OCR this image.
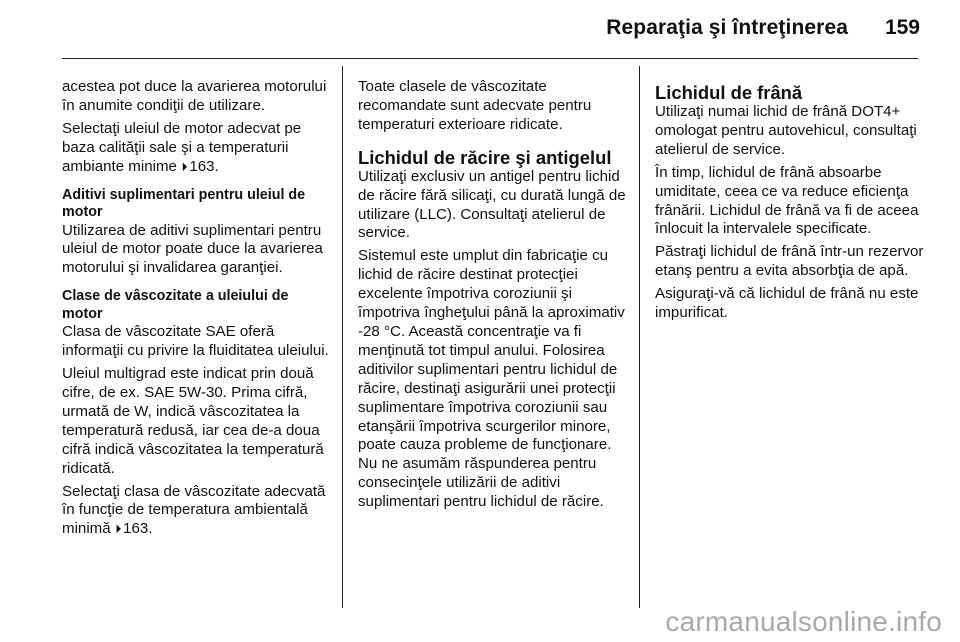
Reparaţia şi întreţinerea 159

acestea pot duce la avarierea motorului în anumite condiţii de utilizare.

Selectaţi uleiul de motor adecvat pe baza calităţii sale şi a temperaturii ambiante minime 🞂 163.

Aditivi suplimentari pentru uleiul de motor

Utilizarea de aditivi suplimentari pentru uleiul de motor poate duce la avarierea motorului şi invalidarea garanţiei.

Clase de vâscozitate a uleiului de motor

Clasa de vâscozitate SAE oferă informaţii cu privire la fluiditatea uleiului.

Uleiul multigrad este indicat prin două cifre, de ex. SAE 5W-30. Prima cifră, urmată de W, indică vâscozitatea la temperatură redusă, iar cea de-a doua cifră indică vâscozitatea la temperatură ridicată.

Selectaţi clasa de vâscozitate adecvată în funcţie de temperatura ambientală minimă 🞂 163.

Toate clasele de vâscozitate recomandate sunt adecvate pentru temperaturi exterioare ridicate.

Lichidul de răcire şi antigelul

Utilizaţi exclusiv un antigel pentru lichid de răcire fără silicaţi, cu durată lungă de utilizare (LLC). Consultaţi atelierul de service.

Sistemul este umplut din fabricaţie cu lichid de răcire destinat protecţiei excelente împotriva coroziunii şi împotriva îngheţului până la aproximativ -28 °C. Această concentraţie va fi menţinută tot timpul anului. Folosirea aditivilor suplimentari pentru lichidul de răcire, destinaţi asigurării unei protecţii suplimentare împotriva coroziunii sau etanşării împotriva scurgerilor minore, poate cauza probleme de funcţionare. Nu ne asumăm răspunderea pentru consecinţele utilizării de aditivi suplimentari pentru lichidul de răcire.

Lichidul de frână

Utilizaţi numai lichid de frână DOT4+ omologat pentru autovehicul, consultaţi atelierul de service.

În timp, lichidul de frână absoarbe umiditate, ceea ce va reduce eficienţa frânării. Lichidul de frână va fi de aceea înlocuit la intervalele specificate.

Păstraţi lichidul de frână într-un rezervor etanş pentru a evita absorbţia de apă.

Asiguraţi-vă că lichidul de frână nu este impurificat.

carmanualsonline.info
